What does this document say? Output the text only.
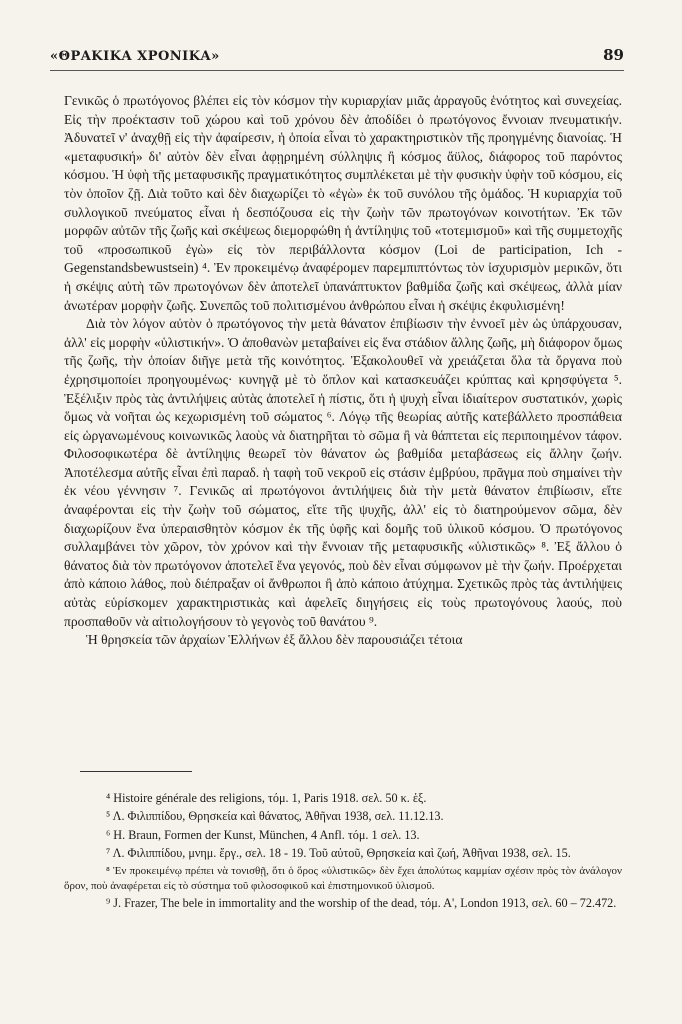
«ΘΡΑΚΙΚΑ ΧΡΟΝΙΚΑ»	89

Γενικῶς ὁ πρωτόγονος βλέπει εἰς τὸν κόσμον τὴν κυριαρχίαν μιᾶς ἀρραγοῦς ἑνότητος καὶ συνεχείας. Εἰς τὴν προέκτασιν τοῦ χώρου καὶ τοῦ χρόνου δὲν ἀποδίδει ὁ πρωτόγονος ἔννοιαν πνευματικήν. Ἀδυνατεῖ ν' ἀναχθῇ εἰς τὴν ἀφαίρεσιν, ἡ ὁποία εἶναι τὸ χαρακτηριστικὸν τῆς προηγμένης διανοίας. Ἡ «μεταφυσική» δι' αὐτὸν δὲν εἶναι ἀφῃρημένη σύλληψις ἢ κόσμος ἄϋλος, διάφορος τοῦ παρόντος κόσμου. Ἡ ὑφὴ τῆς μεταφυσικῆς πραγματικότητος συμπλέκεται μὲ τὴν φυσικὴν ὑφὴν τοῦ κόσμου, εἰς τὸν ὁποῖον ζῇ. Διὰ τοῦτο καὶ δὲν διαχωρίζει τὸ «ἐγὼ» ἐκ τοῦ συνόλου τῆς ὁμάδος. Ἡ κυριαρχία τοῦ συλλογικοῦ πνεύματος εἶναι ἡ δεσπόζουσα εἰς τὴν ζωὴν τῶν πρωτογόνων κοινοτήτων. Ἐκ τῶν μορφῶν αὐτῶν τῆς ζωῆς καὶ σκέψεως διεμορφώθη ἡ ἀντίληψις τοῦ «τοτεμισμοῦ» καὶ τῆς συμμετοχῆς τοῦ «προσωπικοῦ ἐγὼ» εἰς τὸν περιβάλλοντα κόσμον (Loi de participation, Ich - Gegenstandsbewustsein) ⁴. Ἐν προκειμένῳ ἀναφέρομεν παρεμπιπτόντως τὸν ἰσχυρισμὸν μερικῶν, ὅτι ἡ σκέψις αὐτὴ τῶν πρωτογόνων δὲν ἀποτελεῖ ὑπανάπτυκτον βαθμίδα ζωῆς καὶ σκέψεως, ἀλλὰ μίαν ἀνωτέραν μορφὴν ζωῆς. Συνεπῶς τοῦ πολιτισμένου ἀνθρώπου εἶναι ἡ σκέψις ἐκφυλισμένη!

Διὰ τὸν λόγον αὐτὸν ὁ πρωτόγονος τὴν μετὰ θάνατον ἐπιβίωσιν τὴν ἐννοεῖ μὲν ὡς ὑπάρχουσαν, ἀλλ' εἰς μορφὴν «ὑλιστικήν». Ὁ ἀποθανὼν μεταβαίνει εἰς ἕνα στάδιον ἄλλης ζωῆς, μὴ διάφορον ὅμως τῆς ζωῆς, τὴν ὁποίαν διῆγε μετὰ τῆς κοινότητος. Ἐξακολουθεῖ νὰ χρειάζεται ὅλα τὰ ὄργανα ποὺ ἐχρησιμοποίει προηγουμένως· κυνηγᾷ μὲ τὸ ὅπλον καὶ κατασκευάζει κρύπτας καὶ κρησφύγετα ⁵. Ἐξέλιξιν πρὸς τὰς ἀντιλήψεις αὐτὰς ἀποτελεῖ ἡ πίστις, ὅτι ἡ ψυχὴ εἶναι ἰδιαίτερον συστατικόν, χωρὶς ὅμως νὰ νοῆται ὡς κεχωρισμένη τοῦ σώματος ⁶. Λόγῳ τῆς θεωρίας αὐτῆς κατεβάλλετο προσπάθεια εἰς ὡργανωμένους κοινωνικῶς λαοὺς νὰ διατηρῆται τὸ σῶμα ἢ νὰ θάπτεται εἰς περιποιημένον τάφον. Φιλοσοφικωτέρα δὲ ἀντίληψις θεωρεῖ τὸν θάνατον ὡς βαθμίδα μεταβάσεως εἰς ἄλλην ζωήν. Ἀποτέλεσμα αὐτῆς εἶναι ἐπὶ παραδ. ἡ ταφὴ τοῦ νεκροῦ εἰς στάσιν ἐμβρύου, πρᾶγμα ποὺ σημαίνει τὴν ἐκ νέου γέννησιν ⁷. Γενικῶς αἱ πρωτόγονοι ἀντιλήψεις διὰ τὴν μετὰ θάνατον ἐπιβίωσιν, εἴτε ἀναφέρονται εἰς τὴν ζωὴν τοῦ σώματος, εἴτε τῆς ψυχῆς, ἀλλ' εἰς τὸ διατηρούμενον σῶμα, δὲν διαχωρίζουν ἕνα ὑπεραισθητὸν κόσμον ἐκ τῆς ὑφῆς καὶ δομῆς τοῦ ὑλικοῦ κόσμου. Ὁ πρωτόγονος συλλαμβάνει τὸν χῶρον, τὸν χρόνον καὶ τὴν ἔννοιαν τῆς μεταφυσικῆς «ὑλιστικῶς» ⁸. Ἐξ ἄλλου ὁ θάνατος διὰ τὸν πρωτόγονον ἀποτελεῖ ἕνα γεγονός, ποὺ δὲν εἶναι σύμφωνον μὲ τὴν ζωήν. Προέρχεται ἀπὸ κάποιο λάθος, ποὺ διέπραξαν οἱ ἄνθρωποι ἢ ἀπὸ κάποιο ἀτύχημα. Σχετικῶς πρὸς τὰς ἀντιλήψεις αὐτὰς εὑρίσκομεν χαρακτηριστικὰς καὶ ἀφελεῖς διηγήσεις εἰς τοὺς πρωτογόνους λαούς, ποὺ προσπαθοῦν νὰ αἰτιολογήσουν τὸ γεγονὸς τοῦ θανάτου ⁹.

Ἡ θρησκεία τῶν ἀρχαίων Ἑλλήνων ἐξ ἄλλου δὲν παρουσιάζει τέτοια

⁴ Histoire générale des religions, τόμ. 1, Paris 1918. σελ. 50 κ. ἑξ.

⁵ Λ. Φιλιππίδου, Θρησκεία καὶ θάνατος, Ἀθῆναι 1938, σελ. 11.12.13.

⁶ H. Braun, Formen der Kunst, München, 4 Anfl. τόμ. 1 σελ. 13.

⁷ Λ. Φιλιππίδου, μνημ. ἔργ., σελ. 18 - 19. Τοῦ αὐτοῦ, Θρησκεία καὶ ζωή, Ἀθῆναι 1938, σελ. 15.

⁸ Ἐν προκειμένῳ πρέπει νὰ τονισθῇ, ὅτι ὁ ὅρος «ὑλιστικῶς» δὲν ἔχει ἀπολύτως καμμίαν σχέσιν πρὸς τὸν ἀνάλογον ὅρον, ποὺ ἀναφέρεται εἰς τὸ σύστημα τοῦ φιλοσοφικοῦ καὶ ἐπιστημονικοῦ ὑλισμοῦ.

⁹ J. Frazer, The bele in immortality and the worship of the dead, τόμ. Α', London 1913, σελ. 60 – 72.472.
